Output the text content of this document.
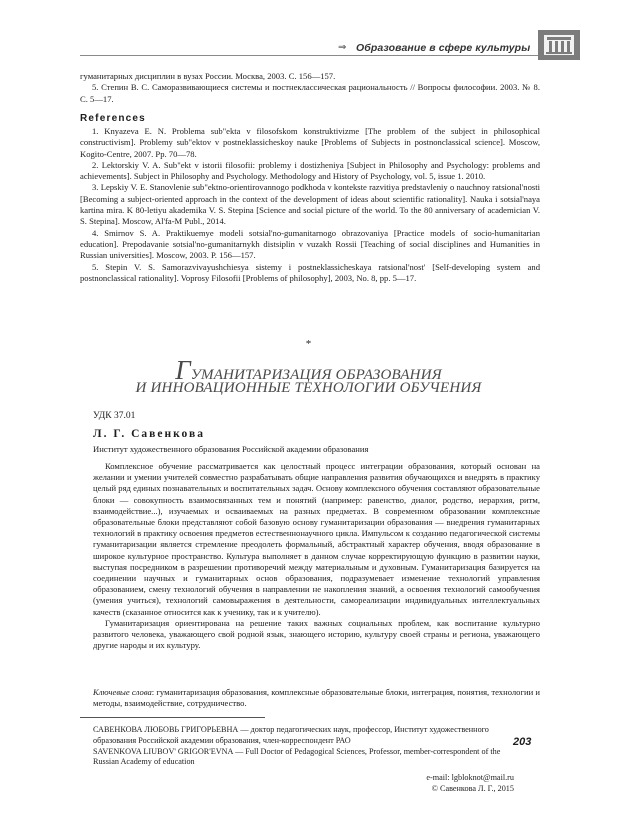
⇒ Образование в сфере культуры

гуманитарных дисциплин в вузах России. Москва, 2003. С. 156—157.

5. Степин В. С. Саморазвивающиеся системы и постнеклассическая рациональность // Вопросы философии. 2003. № 8. С. 5—17.

References

1. Knyazeva E. N. Problema sub"ekta v filosofskom konstruktivizme [The problem of the subject in philosophical constructivism]. Problemy sub"ektov v postneklassicheskoy nauke [Problems of Subjects in postnonclassical science]. Moscow, Kogito-Centre, 2007. Pp. 70—78.

2. Lektorskiy V. A. Sub"ekt v istorii filosofii: problemy i dostizheniya [Subject in Philosophy and Psychology: problems and achievements]. Subject in Philosophy and Psychology. Methodology and History of Psychology, vol. 5, issue 1. 2010.

3. Lepskiy V. E. Stanovlenie sub"ektno-orientirovannogo podkhoda v kontekste razvitiya predstavleniy o nauchnoy ratsional'nosti [Becoming a subject-oriented approach in the context of the development of ideas about scientific rationality]. Nauka i sotsial'naya kartina mira. K 80-letiyu akademika V. S. Stepina [Science and social picture of the world. To the 80 anniversary of academician V. S. Stepina]. Moscow, Al'fa-M Publ., 2014.

4. Smirnov S. A. Praktikuemye modeli sotsial'no-gumanitarnogo obrazovaniya [Practice models of socio-humanitarian education]. Prepodavanie sotsial'no-gumanitarnykh distsiplin v vuzakh Rossii [Teaching of social disciplines and Humanities in Russian universities]. Moscow, 2003. P. 156—157.

5. Stepin V. S. Samorazvivayushchiesya sistemy i postneklassicheskaya ratsional'nost' [Self-developing system and postnonclassical rationality]. Voprosy Filosofii [Problems of philosophy], 2003, No. 8, pp. 5—17.

*
ГУМАНИТАРИЗАЦИЯ ОБРАЗОВАНИЯ
И ИННОВАЦИОННЫЕ ТЕХНОЛОГИИ ОБУЧЕНИЯ
УДК 37.01
Л. Г. Савенкова
Институт художественного образования Российской академии образования

Комплексное обучение рассматривается как целостный процесс интеграции образования, который основан на желании и умении учителей совместно разрабатывать общие направления развития обучающихся и внедрять в практику целый ряд единых познавательных и воспитательных задач. Основу комплексного обучения составляют образовательные блоки — совокупность взаимосвязанных тем и понятий (например: равенство, диалог, родство, иерархия, ритм, взаимодействие...), изучаемых и осваиваемых на разных предметах. В современном образовании комплексные образовательные блоки представляют собой базовую основу гуманитаризации образования — внедрения гуманитарных технологий в практику освоения предметов естественнонаучного цикла. Импульсом к созданию педагогической системы гуманитаризации является стремление преодолеть формальный, абстрактный характер обучения, вводя образование в широкое культурное пространство. Культура выполняет в данном случае корректирующую функцию в развитии науки, выступая посредником в разрешении противоречий между материальным и духовным. Гуманитаризация базируется на соединении научных и гуманитарных основ образования, подразумевает изменение технологий управления образованием, смену технологий обучения в направлении не накопления знаний, а освоения технологий самообучения (умения учиться), технологий самовыражения в деятельности, самореализации индивидуальных интеллектуальных качеств (сказанное относится как к ученику, так и к учителю).

Гуманитаризация ориентирована на решение таких важных социальных проблем, как воспитание культурно развитого человека, уважающего свой родной язык, знающего историю, культуру своей страны и региона, уважающего другие народы и их культуру.

Ключевые слова: гуманитаризация образования, комплексные образовательные блоки, интеграция, понятия, технологии и методы, взаимодействие, сотрудничество.

САВЕНКОВА ЛЮБОВЬ ГРИГОРЬЕВНА — доктор педагогических наук, профессор, Институт художественного образования Российской академии образования, член-корреспондент РАО

SAVENKOVA LIUBOV' GRIGOR'EVNA — Full Doctor of Pedagogical Sciences, Professor, member-correspondent of the Russian Academy of education

203

e-mail: lgbloknot@mail.ru

© Савенкова Л. Г., 2015
